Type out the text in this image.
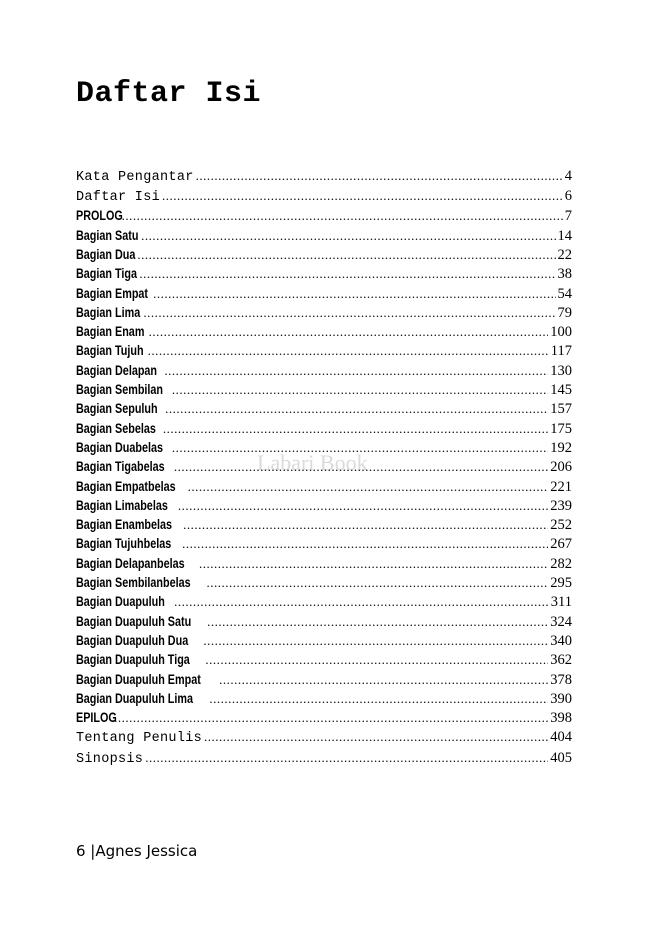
Daftar Isi
Kata Pengantar .....	4
Daftar Isi .....	6
PROLOG .....	7
Bagian Satu .....	14
Bagian Dua .....	22
Bagian Tiga .....	38
Bagian Empat .....	54
Bagian Lima .....	79
Bagian Enam .....	100
Bagian Tujuh .....	117
Bagian Delapan .....	130
Bagian Sembilan .....	145
Bagian Sepuluh .....	157
Bagian Sebelas .....	175
Bagian Duabelas .....	192
Bagian Tigabelas .....	206
Bagian Empatbelas .....	221
Bagian Limabelas .....	239
Bagian Enambelas .....	252
Bagian Tujuhbelas .....	267
Bagian Delapanbelas .....	282
Bagian Sembilanbelas .....	295
Bagian Duapuluh .....	311
Bagian Duapuluh Satu .....	324
Bagian Duapuluh Dua .....	340
Bagian Duapuluh Tiga .....	362
Bagian Duapuluh Empat .....	378
Bagian Duapuluh Lima .....	390
EPILOG .....	398
Tentang Penulis .....	404
Sinopsis .....	405
Labari Book
6 |Agnes Jessica
